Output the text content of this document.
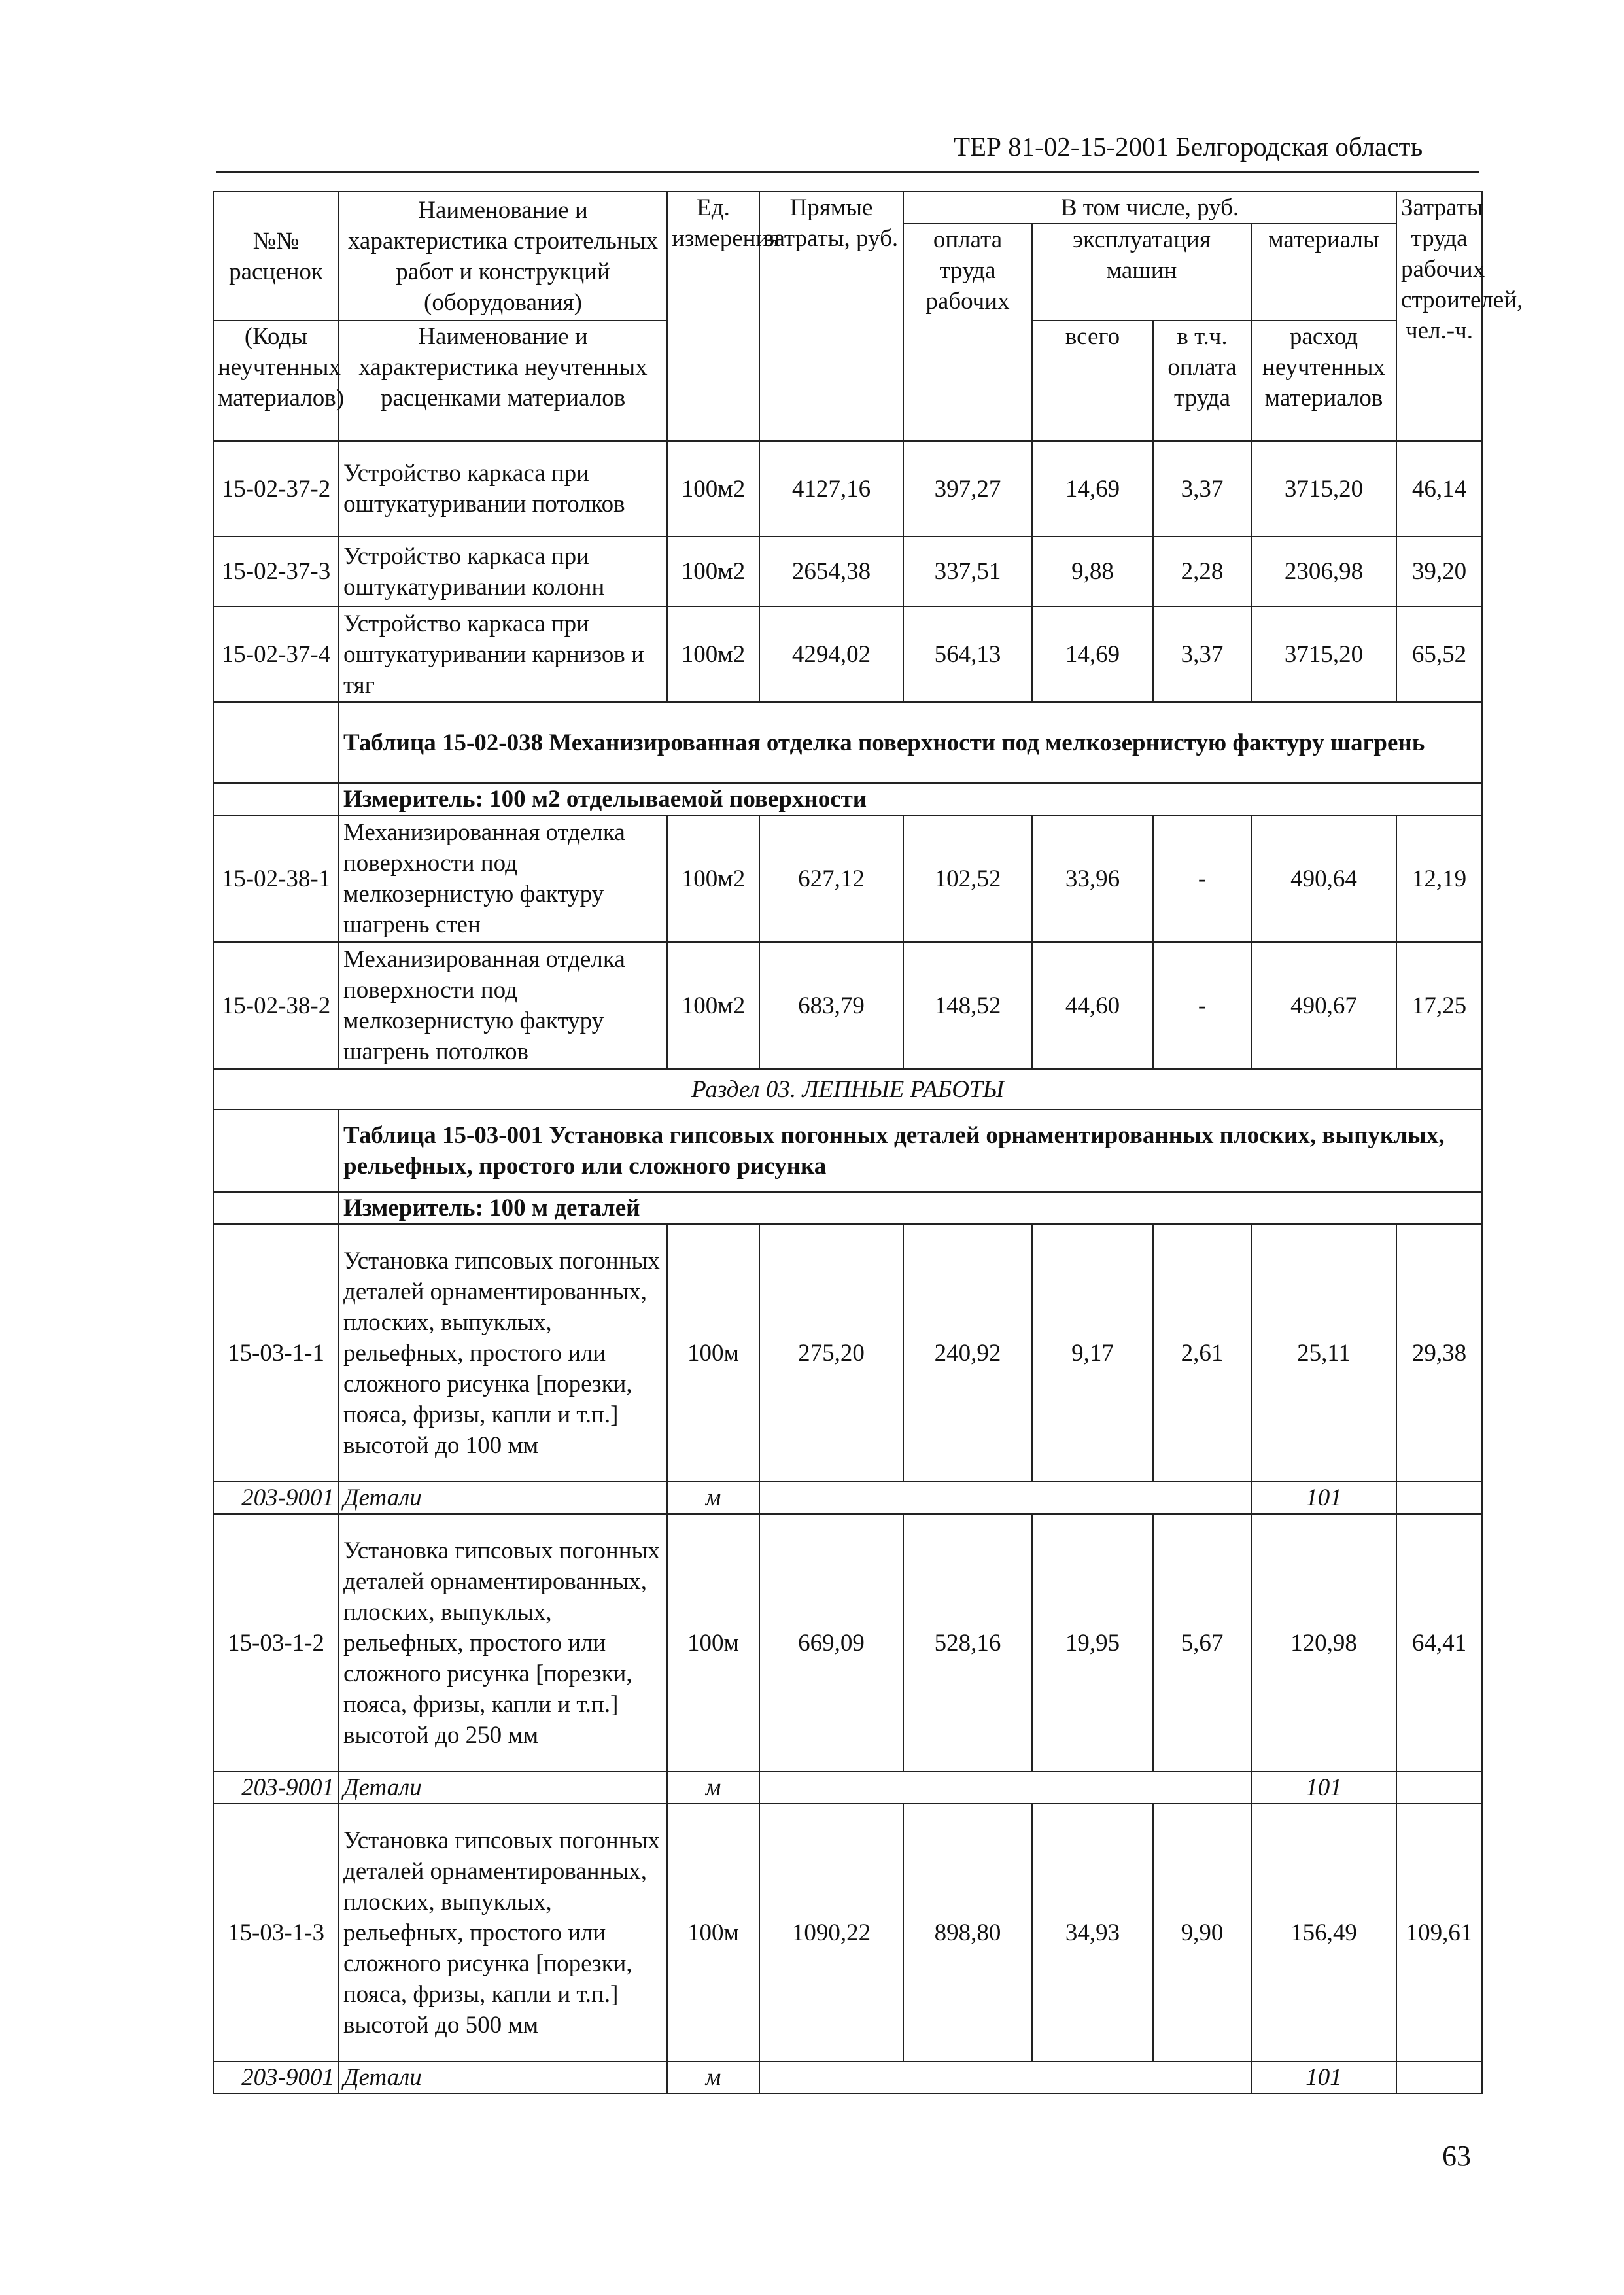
ТЕР 81-02-15-2001 Белгородская область
№№ расценок	Наименование и характеристика строительных работ и конструкций (оборудования)	Ед. измерения	Прямые затраты, руб.	В том числе, руб.				Затраты труда рабочих строителей, чел.-ч.
				оплата труда рабочих	эксплуатация машин		материалы	

(Коды неучтенных материалов)	Наименование и характеристика неучтенных расценками материалов				всего	в т.ч. оплата труда	расход неучтенных материалов	

15-02-37-2	Устройство каркаса при оштукатуривании потолков	100м2	4127,16	397,27	14,69	3,37	3715,20	46,14
15-02-37-3	Устройство каркаса при оштукатуривании колонн	100м2	2654,38	337,51	9,88	2,28	2306,98	39,20
15-02-37-4	Устройство каркаса при оштукатуривании карнизов и тяг	100м2	4294,02	564,13	14,69	3,37	3715,20	65,52
	Таблица 15-02-038 Механизированная отделка поверхности под мелкозернистую фактуру шагрень							
	Измеритель: 100 м2 отделываемой поверхности							
15-02-38-1	Механизированная отделка поверхности под мелкозернистую фактуру шагрень стен	100м2	627,12	102,52	33,96	-	490,64	12,19
15-02-38-2	Механизированная отделка поверхности под мелкозернистую фактуру шагрень потолков	100м2	683,79	148,52	44,60	-	490,67	17,25
Раздел 03. ЛЕПНЫЕ РАБОТЫ								
	Таблица 15-03-001 Установка гипсовых погонных деталей орнаментированных плоских, выпуклых, рельефных, простого или сложного рисунка							
	Измеритель: 100 м деталей							
15-03-1-1	Установка гипсовых погонных деталей орнаментированных, плоских, выпуклых, рельефных, простого или сложного рисунка [порезки, пояса, фризы, капли и т.п.] высотой до 100 мм	100м	275,20	240,92	9,17	2,61	25,11	29,38
203-9001	Детали	м					101	
15-03-1-2	Установка гипсовых погонных деталей орнаментированных, плоских, выпуклых, рельефных, простого или сложного рисунка [порезки, пояса, фризы, капли и т.п.] высотой до 250 мм	100м	669,09	528,16	19,95	5,67	120,98	64,41
203-9001	Детали	м					101	
15-03-1-3	Установка гипсовых погонных деталей орнаментированных, плоских, выпуклых, рельефных, простого или сложного рисунка [порезки, пояса, фризы, капли и т.п.] высотой до 500 мм	100м	1090,22	898,80	34,93	9,90	156,49	109,61
203-9001	Детали	м					101	
63
